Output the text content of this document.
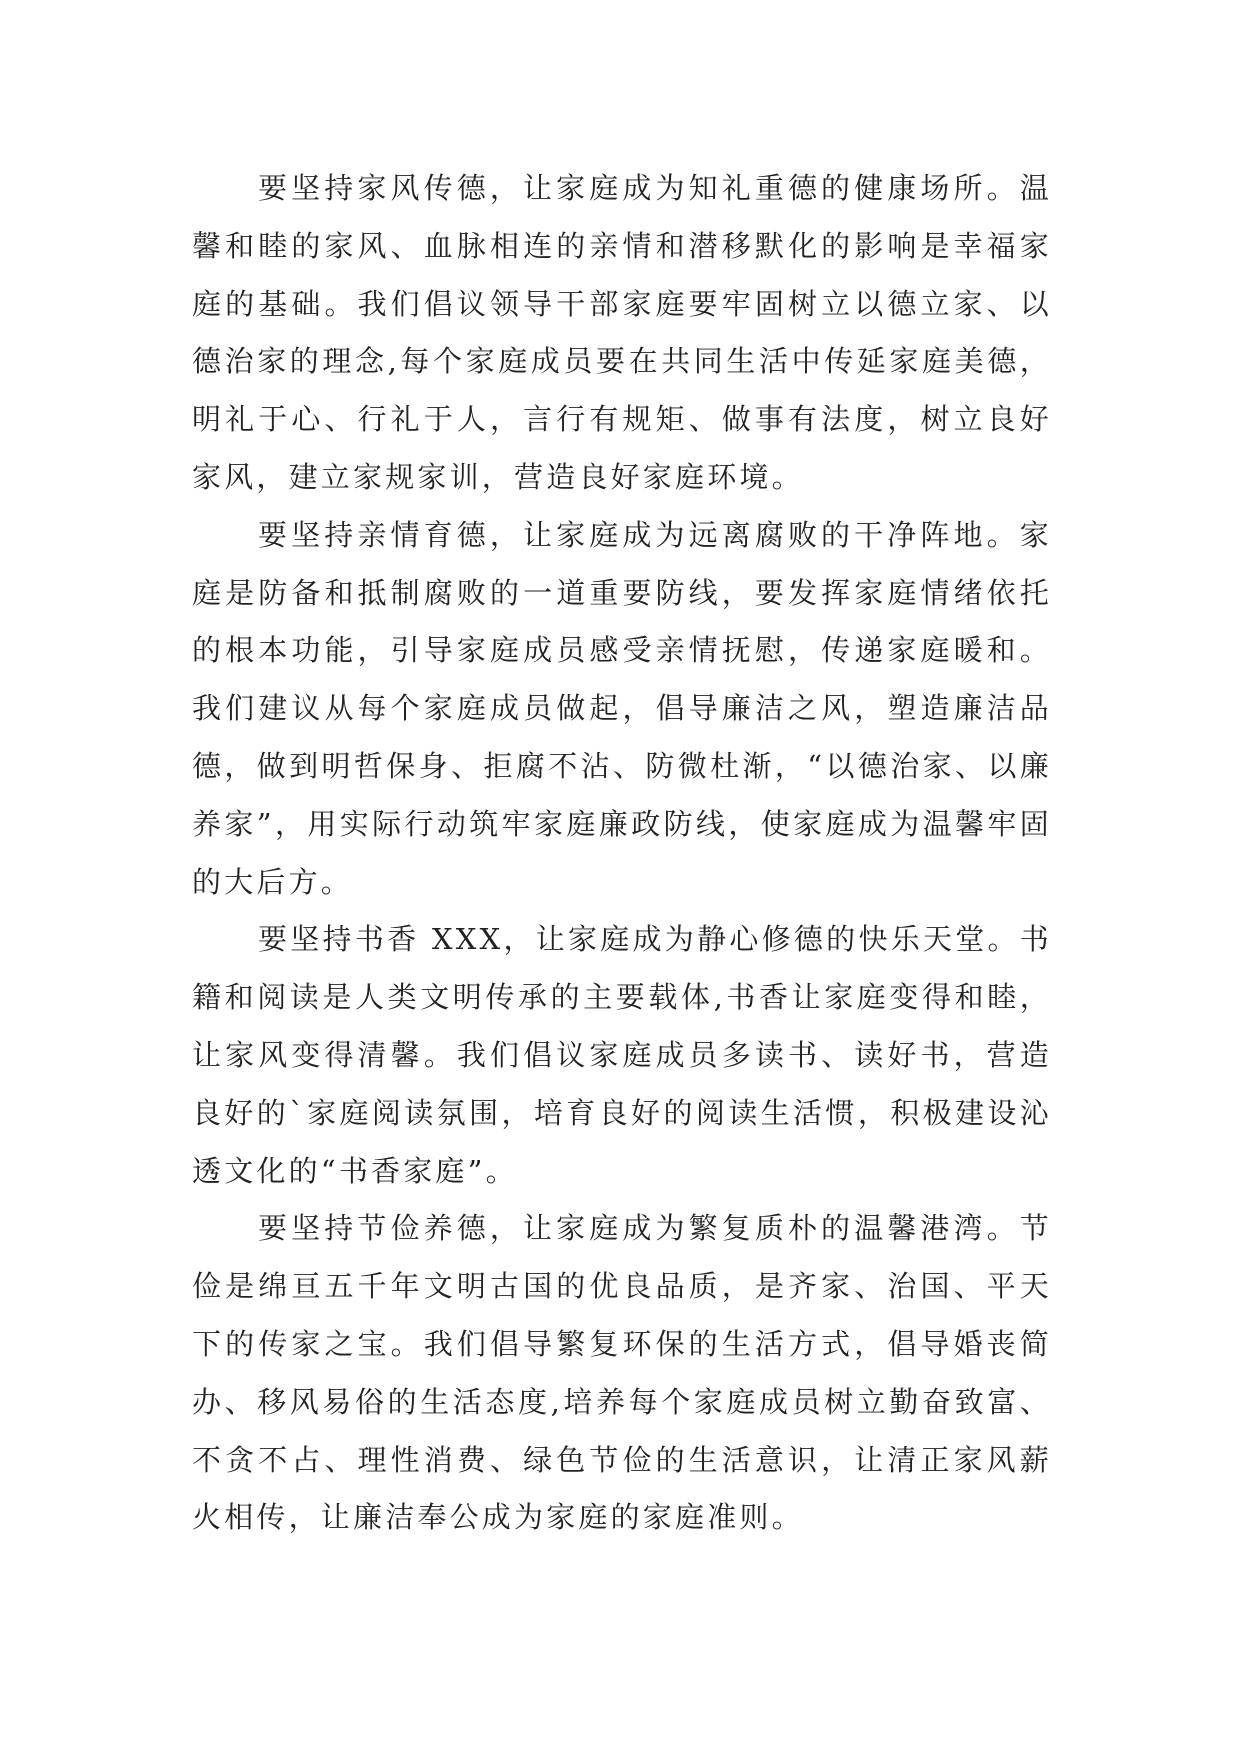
要坚持家风传德，让家庭成为知礼重德的健康场所。温馨和睦的家风、血脉相连的亲情和潜移默化的影响是幸福家庭的基础。我们倡议领导干部家庭要牢固树立以德立家、以德治家的理念,每个家庭成员要在共同生活中传延家庭美德，明礼于心、行礼于人，言行有规矩、做事有法度，树立良好家风，建立家规家训，营造良好家庭环境。

要坚持亲情育德，让家庭成为远离腐败的干净阵地。家庭是防备和抵制腐败的一道重要防线，要发挥家庭情绪依托的根本功能，引导家庭成员感受亲情抚慰，传递家庭暖和。我们建议从每个家庭成员做起，倡导廉洁之风，塑造廉洁品德，做到明哲保身、拒腐不沾、防微杜渐，“以德治家、以廉养家”，用实际行动筑牢家庭廉政防线，使家庭成为温馨牢固的大后方。

要坚持书香 XXX，让家庭成为静心修德的快乐天堂。书籍和阅读是人类文明传承的主要载体,书香让家庭变得和睦，让家风变得清馨。我们倡议家庭成员多读书、读好书，营造良好的`家庭阅读氛围，培育良好的阅读生活惯，积极建设沁透文化的“书香家庭”。

要坚持节俭养德，让家庭成为繁复质朴的温馨港湾。节俭是绵亘五千年文明古国的优良品质，是齐家、治国、平天下的传家之宝。我们倡导繁复环保的生活方式，倡导婚丧简办、移风易俗的生活态度,培养每个家庭成员树立勤奋致富、不贪不占、理性消费、绿色节俭的生活意识，让清正家风薪火相传，让廉洁奉公成为家庭的家庭准则。
